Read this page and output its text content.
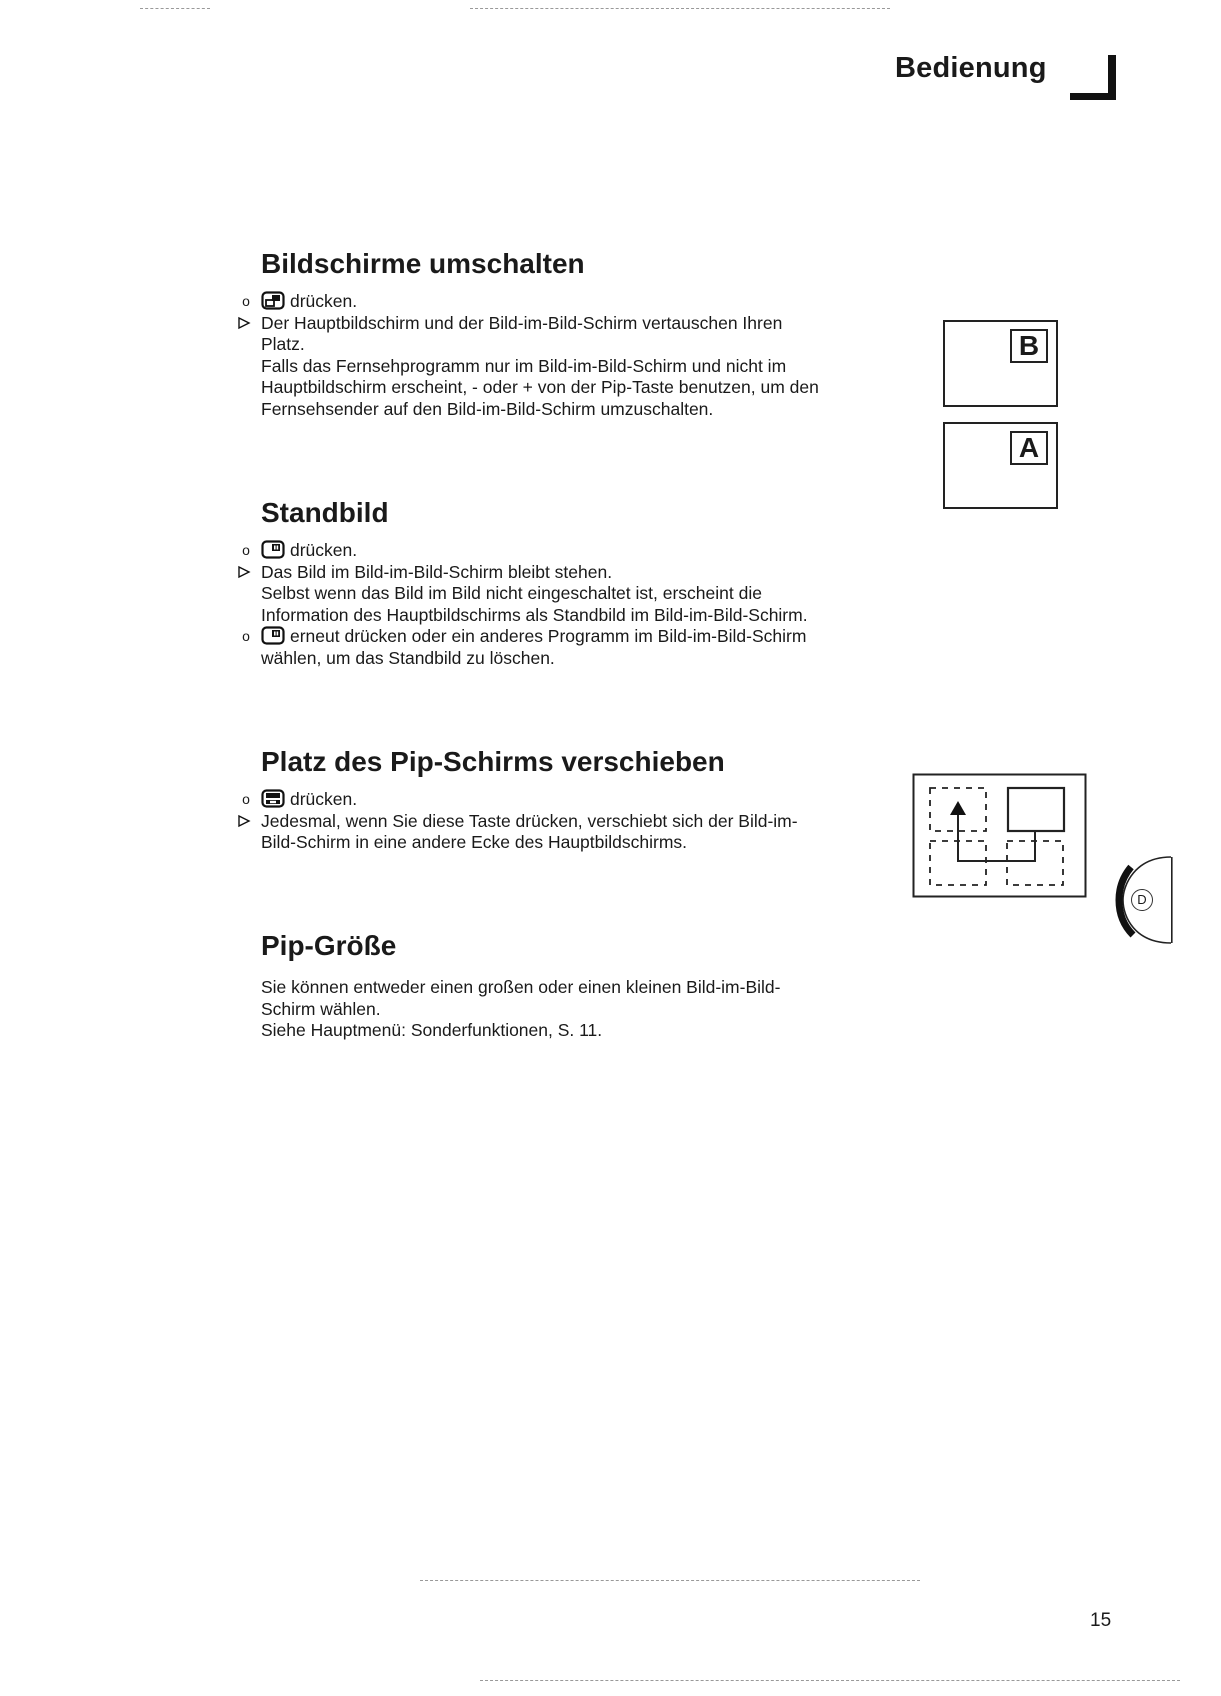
Bedienung
Bildschirme umschalten
o drücken.
Der Hauptbildschirm und der Bild-im-Bild-Schirm vertauschen Ihren
Platz.
Falls das Fernsehprogramm nur im Bild-im-Bild-Schirm und nicht im
Hauptbildschirm erscheint, - oder + von der Pip-Taste benutzen, um den
Fernsehsender auf den Bild-im-Bild-Schirm umzuschalten.
B
A
Standbild
o drücken.
Das Bild im Bild-im-Bild-Schirm bleibt stehen.
Selbst wenn das Bild im Bild nicht eingeschaltet ist, erscheint die
Information des Hauptbildschirms als Standbild im Bild-im-Bild-Schirm.
o erneut drücken oder ein anderes Programm im Bild-im-Bild-Schirm
wählen, um das Standbild zu löschen.
Platz des Pip-Schirms verschieben
o drücken.
Jedesmal, wenn Sie diese Taste drücken, verschiebt sich der Bild-im-
Bild-Schirm in eine andere Ecke des Hauptbildschirms.
Pip-Größe
Sie können entweder einen großen oder einen kleinen Bild-im-Bild-
Schirm wählen.
Siehe Hauptmenü: Sonderfunktionen, S. 11.
D
15
